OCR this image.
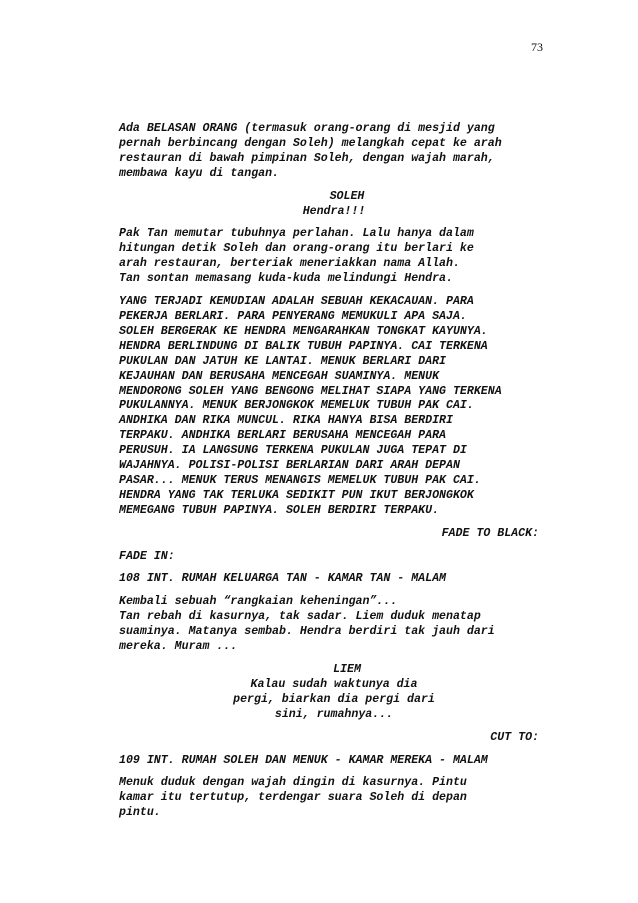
73

Ada BELASAN ORANG (termasuk orang-orang di mesjid yang
pernah berbincang dengan Soleh) melangkah cepat ke arah
restauran di bawah pimpinan Soleh, dengan wajah marah,
membawa kayu di tangan.

SOLEH

Hendra!!!

Pak Tan memutar tubuhnya perlahan. Lalu hanya dalam
hitungan detik Soleh dan orang-orang itu berlari ke
arah restauran, berteriak meneriakkan nama Allah.
Tan sontan memasang kuda-kuda melindungi Hendra.

YANG TERJADI KEMUDIAN ADALAH SEBUAH KEKACAUAN. PARA
PEKERJA BERLARI. PARA PENYERANG MEMUKULI APA SAJA.
SOLEH BERGERAK KE HENDRA MENGARAHKAN TONGKAT KAYUNYA.
HENDRA BERLINDUNG DI BALIK TUBUH PAPINYA. CAI TERKENA
PUKULAN DAN JATUH KE LANTAI. MENUK BERLARI DARI
KEJAUHAN DAN BERUSAHA MENCEGAH SUAMINYA. MENUK
MENDORONG SOLEH YANG BENGONG MELIHAT SIAPA YANG TERKENA
PUKULANNYA. MENUK BERJONGKOK MEMELUK TUBUH PAK CAI.
ANDHIKA DAN RIKA MUNCUL. RIKA HANYA BISA BERDIRI
TERPAKU. ANDHIKA BERLARI BERUSAHA MENCEGAH PARA
PERUSUH. IA LANGSUNG TERKENA PUKULAN JUGA TEPAT DI
WAJAHNYA. POLISI-POLISI BERLARIAN DARI ARAH DEPAN
PASAR... MENUK TERUS MENANGIS MEMELUK TUBUH PAK CAI.
HENDRA YANG TAK TERLUKA SEDIKIT PUN IKUT BERJONGKOK
MEMEGANG TUBUH PAPINYA. SOLEH BERDIRI TERPAKU.

FADE TO BLACK:

FADE IN:

108 INT. RUMAH KELUARGA TAN - KAMAR TAN - MALAM

Kembali sebuah “rangkaian keheningan”...
Tan rebah di kasurnya, tak sadar. Liem duduk menatap
suaminya. Matanya sembab. Hendra berdiri tak jauh dari
mereka. Muram ...

LIEM

Kalau sudah waktunya dia
pergi, biarkan dia pergi dari
sini, rumahnya...

CUT TO:

109 INT. RUMAH SOLEH DAN MENUK - KAMAR MEREKA - MALAM

Menuk duduk dengan wajah dingin di kasurnya. Pintu
kamar itu tertutup, terdengar suara Soleh di depan
pintu.
